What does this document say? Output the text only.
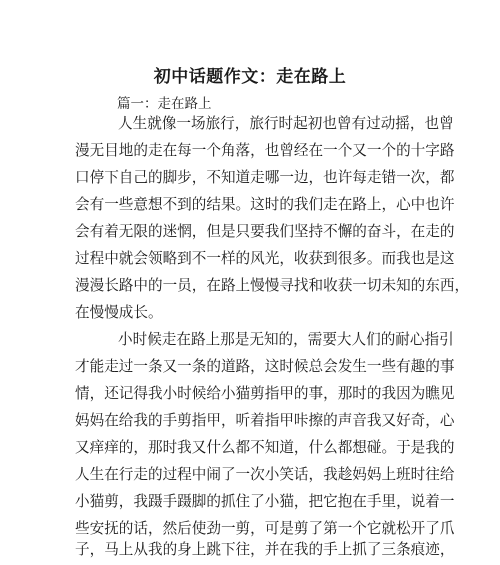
初中话题作文：走在路上
篇一：走在路上
人生就像一场旅行，旅行时起初也曾有过动摇，也曾
漫无目地的走在每一个角落，也曾经在一个又一个的十字路
口停下自己的脚步，不知道走哪一边，也许每走错一次，都
会有一些意想不到的结果。这时的我们走在路上，心中也许
会有着无限的迷惘，但是只要我们坚持不懈的奋斗，在走的
过程中就会领略到不一样的风光，收获到很多。而我也是这
漫漫长路中的一员，在路上慢慢寻找和收获一切未知的东西，
在慢慢成长。
小时候走在路上那是无知的，需要大人们的耐心指引
才能走过一条又一条的道路，这时候总会发生一些有趣的事
情，还记得我小时候给小猫剪指甲的事，那时的我因为瞧见
妈妈在给我的手剪指甲，听着指甲咔擦的声音我又好奇，心
又痒痒的，那时我又什么都不知道，什么都想碰。于是我的
人生在行走的过程中闹了一次小笑话，我趁妈妈上班时往给
小猫剪，我蹑手蹑脚的抓住了小猫，把它抱在手里，说着一
些安抚的话，然后使劲一剪，可是剪了第一个它就松开了爪
子，马上从我的身上跳下往，并在我的手上抓了三条痕迹，
